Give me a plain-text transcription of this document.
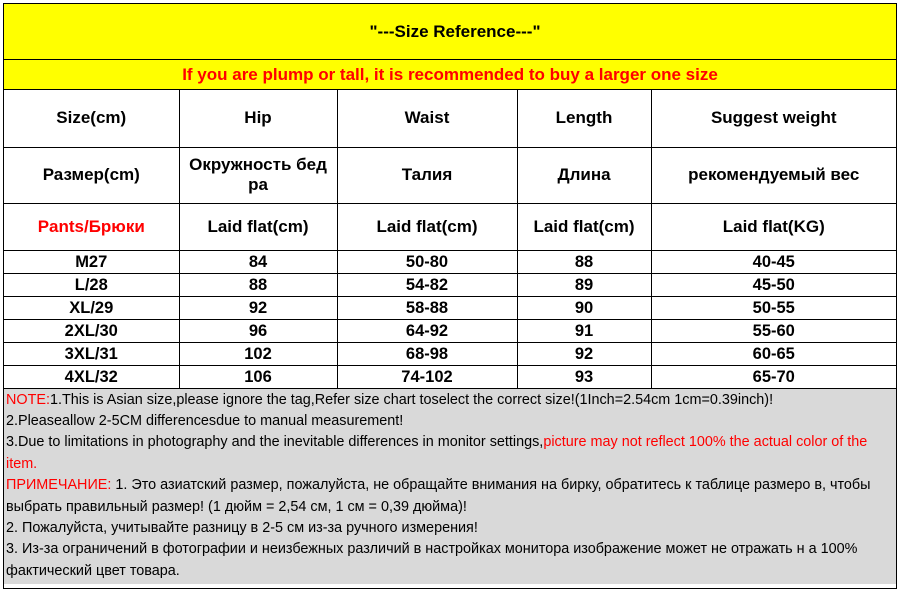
"---Size Reference---"
If you are plump or tall, it is recommended to buy a larger one size
Size(cm)	Hip	Waist	Length	Suggest weight
Размер(cm)	Окружность бед ра	Талия	Длина	рекомендуемый вес
Pants/Брюки	Laid flat(cm)	Laid flat(cm)	Laid flat(cm)	Laid flat(KG)
M27	84	50-80	88	40-45
L/28	88	54-82	89	45-50
XL/29	92	58-88	90	50-55
2XL/30	96	64-92	91	55-60
3XL/31	102	68-98	92	60-65
4XL/32	106	74-102	93	65-70

NOTE:1.This is Asian size,please ignore the tag,Refer size chart toselect the correct size!(1Inch=2.54cm 1cm=0.39inch)!

2.Pleaseallow 2-5CM differencesdue to manual measurement!

3.Due to limitations in photography and the inevitable differences in monitor settings,picture may not reflect 100% the actual color of the item.

ПРИМЕЧАНИЕ: 1. Это азиатский размер, пожалуйста, не обращайте внимания на бирку, обратитесь к таблице размеро в, чтобы выбрать правильный размер! (1 дюйм = 2,54 см, 1 см = 0,39 дюйма)!

2. Пожалуйста, учитывайте разницу в 2-5 см из-за ручного измерения!

3. Из-за ограничений в фотографии и неизбежных различий в настройках монитора изображение может не отражать н а 100% фактический цвет товара.
